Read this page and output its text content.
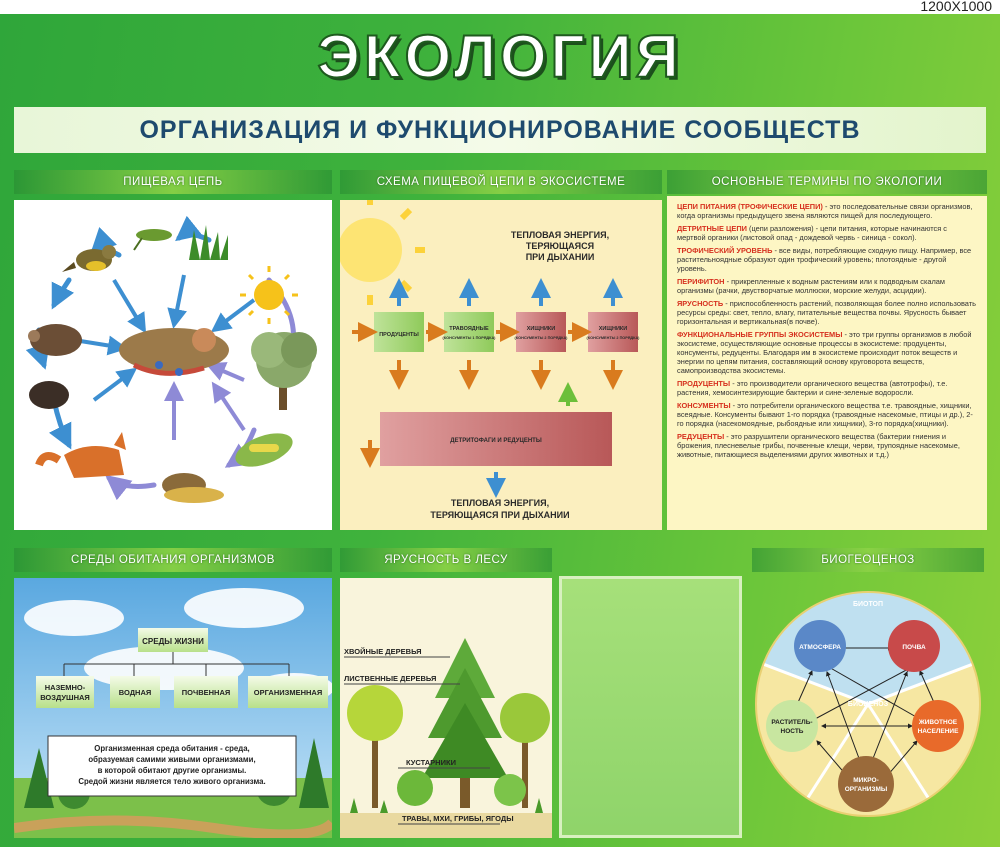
1200X1000
ЭКОЛОГИЯ
ОРГАНИЗАЦИЯ И ФУНКЦИОНИРОВАНИЕ СООБЩЕСТВ
ПИЩЕВАЯ ЦЕПЬ	СХЕМА ПИЩЕВОЙ ЦЕПИ В ЭКОСИСТЕМЕ	ОСНОВНЫЕ ТЕРМИНЫ ПО ЭКОЛОГИИ
СРЕДЫ ОБИТАНИЯ ОРГАНИЗМОВ	ЯРУСНОСТЬ В ЛЕСУ	БИОГЕОЦЕНОЗ
ТЕПЛОВАЯ ЭНЕРГИЯ,
ТЕРЯЮЩАЯСЯ
ПРИ ДЫХАНИИ
ПРОДУЦЕНТЫ
ТРАВОЯДНЫЕ
(КОНСУМЕНТЫ 1 ПОРЯДКА)
ХИЩНИКИ
(КОНСУМЕНТЫ 2 ПОРЯДКА)
ХИЩНИКИ
(КОНСУМЕНТЫ 2 ПОРЯДКА)
ДЕТРИТОФАГИ И РЕДУЦЕНТЫ
ТЕПЛОВАЯ ЭНЕРГИЯ,
ТЕРЯЮЩАЯСЯ ПРИ ДЫХАНИИ

ЦЕПИ ПИТАНИЯ (ТРОФИЧЕСКИЕ ЦЕПИ) - это последовательные связи организмов, когда организмы предыдущего звена являются пищей для последующего.

ДЕТРИТНЫЕ ЦЕПИ (цепи разложения) - цепи питания, которые начинаются с мертвой органики (листовой опад - дождевой червь - синица - сокол).

ТРОФИЧЕСКИЙ УРОВЕНЬ - все виды, потребляющие сходную пищу. Например, все растительноядные образуют один трофический уровень; плотоядные - другой уровень.

ПЕРИФИТОН - прикрепленные к водным растениям или к подводным скалам организмы (рачки, двустворчатые моллюски, морские желуди, асцидии).

ЯРУСНОСТЬ - приспособленность растений, позволяющая более полно использовать ресурсы среды: свет, тепло, влагу, питательные вещества почвы. Ярусность бывает горизонтальная и вертикальная(в почве).

ФУНКЦИОНАЛЬНЫЕ ГРУППЫ ЭКОСИСТЕМЫ - это три группы организмов в любой экосистеме, осуществляющие основные процессы в экосистеме: продуценты, консументы, редуценты. Благодаря им в экосистеме происходит поток веществ и энергии по цепям питания, составляющий основу круговорота веществ, самопроизводства экосистемы.

ПРОДУЦЕНТЫ - это производители органического вещества (автотрофы), т.е. растения, хемосинтезирующие бактерии и сине-зеленые водоросли.

КОНСУМЕНТЫ - это потребители органического вещества т.е. травоядные, хищники, всеядные. Консументы бывают 1-го порядка (травоядные насекомые, птицы и др.), 2-го порядка (насекомоядные, рыбоядные или хищники), 3-го порядка(хищники).

РЕДУЦЕНТЫ - это разрушители органического вещества (бактерии гниения и брожения, плесневелые грибы, почвенные клещи, черви, трупоядные насекомые, животные, питающиеся выделениями других животных и т.д.)

СРЕДЫ ЖИЗНИ
НАЗЕМНО-
ВОЗДУШНАЯ
ВОДНАЯ	ПОЧВЕННАЯ	ОРГАНИЗМЕННАЯ
Организменная среда обитания - среда,
образуемая самими живыми организмами,
в которой обитают другие организмы.
Средой жизни является тело живого организма.
ХВОЙНЫЕ ДЕРЕВЬЯ
ЛИСТВЕННЫЕ ДЕРЕВЬЯ
КУСТАРНИКИ
ТРАВЫ, МХИ, ГРИБЫ, ЯГОДЫ
БИОТОП
БИОЦЕНОЗ
АТМОСФЕРА	ПОЧВА
РАСТИТЕЛЬ-
НОСТЬ
ЖИВОТНОЕ
НАСЕЛЕНИЕ
МИКРО-
ОРГАНИЗМЫ
